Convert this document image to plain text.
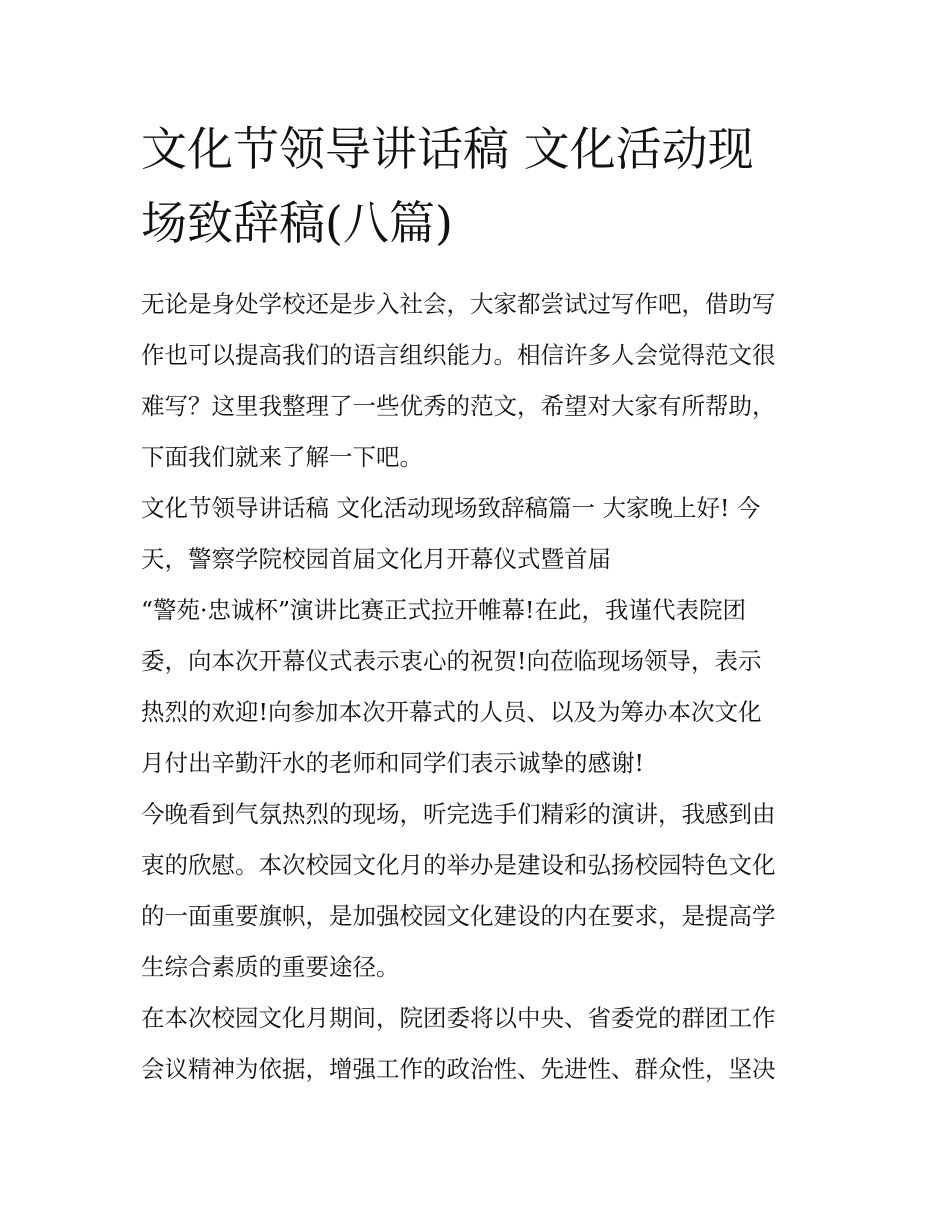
文化节领导讲话稿 文化活动现
场致辞稿(八篇)

无论是身处学校还是步入社会，大家都尝试过写作吧，借助写
作也可以提高我们的语言组织能力。相信许多人会觉得范文很
难写？这里我整理了一些优秀的范文，希望对大家有所帮助，
下面我们就来了解一下吧。

文化节领导讲话稿 文化活动现场致辞稿篇一 大家晚上好! 今
天，警察学院校园首届文化月开幕仪式暨首届
“警苑·忠诚杯”演讲比赛正式拉开帷幕!在此，我谨代表院团
委，向本次开幕仪式表示衷心的祝贺!向莅临现场领导，表示
热烈的欢迎!向参加本次开幕式的人员、以及为筹办本次文化
月付出辛勤汗水的老师和同学们表示诚挚的感谢!

今晚看到气氛热烈的现场，听完选手们精彩的演讲，我感到由
衷的欣慰。本次校园文化月的举办是建设和弘扬校园特色文化
的一面重要旗帜，是加强校园文化建设的内在要求，是提高学
生综合素质的重要途径。

在本次校园文化月期间，院团委将以中央、省委党的群团工作
会议精神为依据，增强工作的政治性、先进性、群众性，坚决
